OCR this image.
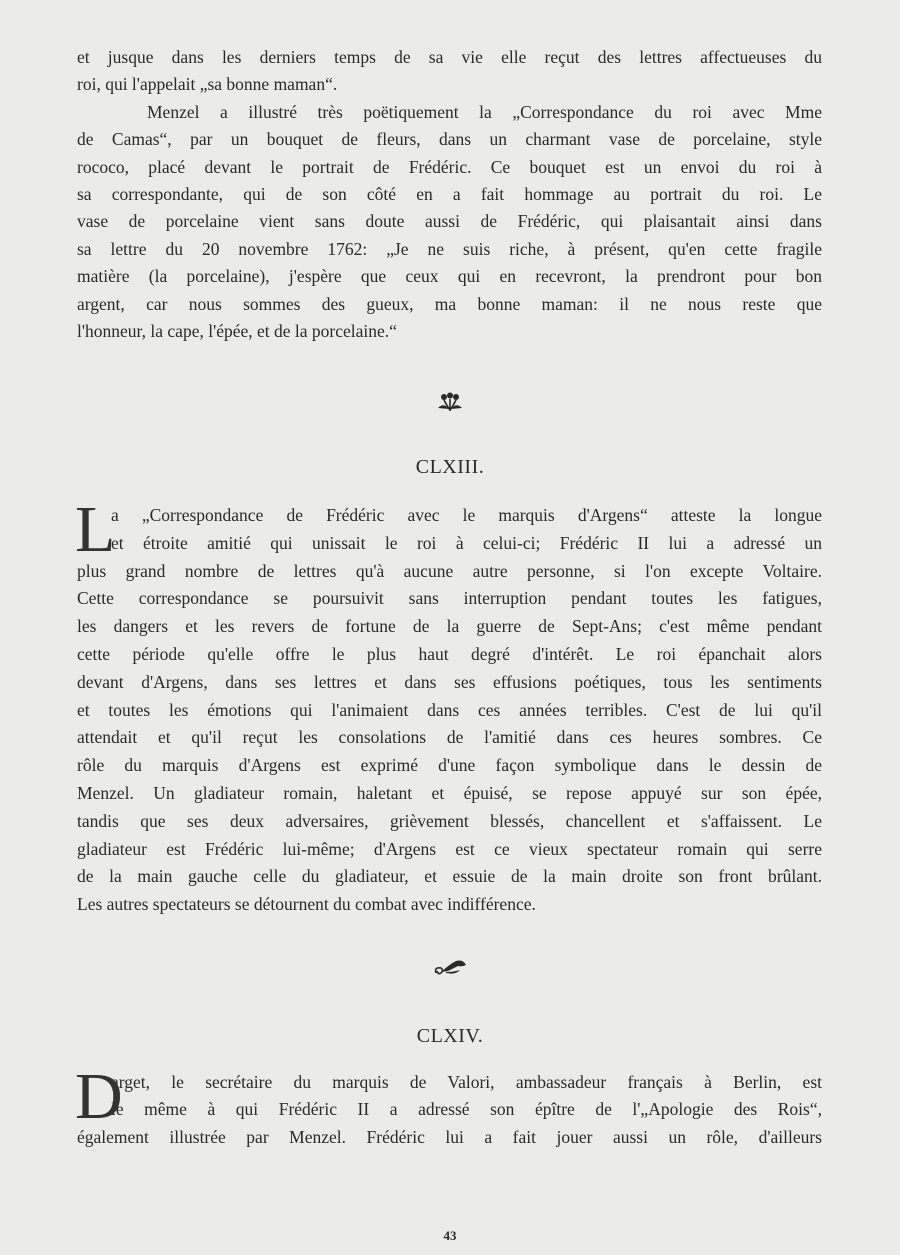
et jusque dans les derniers temps de sa vie elle reçut des lettres affectueuses du
roi, qui l'appelait „sa bonne maman“.
Menzel a illustré très poëtiquement la „Correspondance du roi avec Mme
de Camas“, par un bouquet de fleurs, dans un charmant vase de porcelaine, style
rococo, placé devant le portrait de Frédéric. Ce bouquet est un envoi du roi à
sa correspondante, qui de son côté en a fait hommage au portrait du roi. Le
vase de porcelaine vient sans doute aussi de Frédéric, qui plaisantait ainsi dans
sa lettre du 20 novembre 1762: „Je ne suis riche, à présent, qu'en cette fragile
matière (la porcelaine), j'espère que ceux qui en recevront, la prendront pour bon
argent, car nous sommes des gueux, ma bonne maman: il ne nous reste que
l'honneur, la cape, l'épée, et de la porcelaine.“
CLXIII.
L
a „Correspondance de Frédéric avec le marquis d'Argens“ atteste la longue
et étroite amitié qui unissait le roi à celui-ci; Frédéric II lui a adressé un
plus grand nombre de lettres qu'à aucune autre personne, si l'on excepte Voltaire.
Cette correspondance se poursuivit sans interruption pendant toutes les fatigues,
les dangers et les revers de fortune de la guerre de Sept-Ans; c'est même pendant
cette période qu'elle offre le plus haut degré d'intérêt. Le roi épanchait alors
devant d'Argens, dans ses lettres et dans ses effusions poétiques, tous les sentiments
et toutes les émotions qui l'animaient dans ces années terribles. C'est de lui qu'il
attendait et qu'il reçut les consolations de l'amitié dans ces heures sombres. Ce
rôle du marquis d'Argens est exprimé d'une façon symbolique dans le dessin de
Menzel. Un gladiateur romain, haletant et épuisé, se repose appuyé sur son épée,
tandis que ses deux adversaires, grièvement blessés, chancellent et s'affaissent. Le
gladiateur est Frédéric lui-même; d'Argens est ce vieux spectateur romain qui serre
de la main gauche celle du gladiateur, et essuie de la main droite son front brûlant.
Les autres spectateurs se détournent du combat avec indifférence.
CLXIV.
D
arget, le secrétaire du marquis de Valori, ambassadeur français à Berlin, est
le même à qui Frédéric II a adressé son épître de l'„Apologie des Rois“,
également illustrée par Menzel. Frédéric lui a fait jouer aussi un rôle, d'ailleurs
43
